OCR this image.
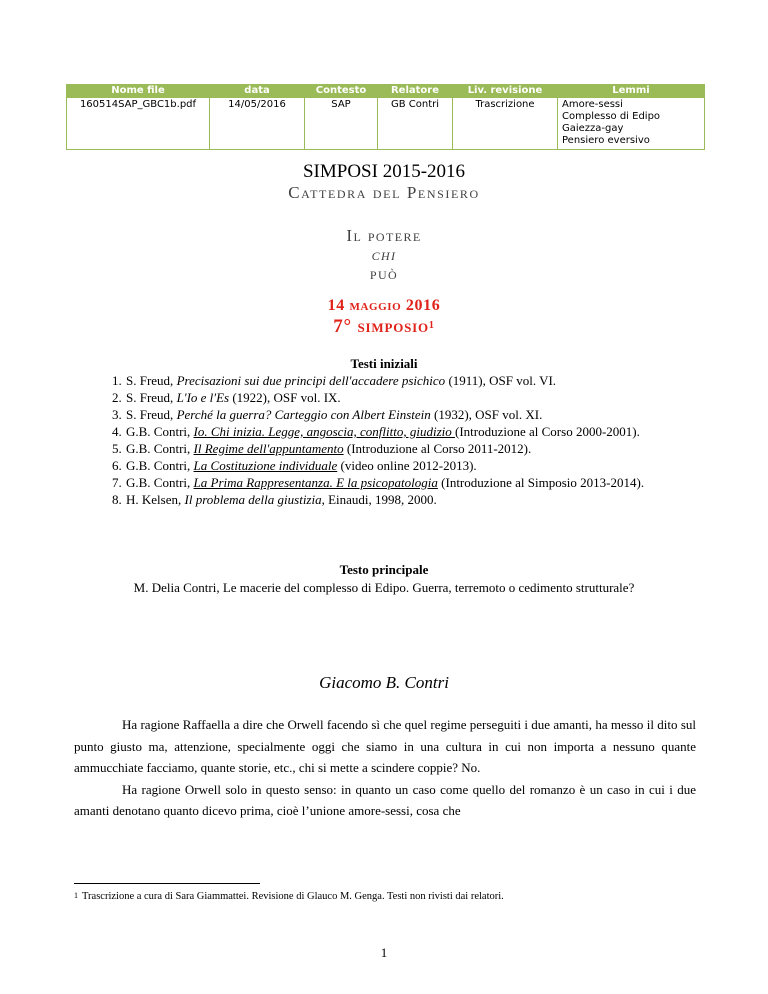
Nome file	data	Contesto	Relatore	Liv. revisione	Lemmi
160514SAP_GBC1b.pdf	14/05/2016	SAP	GB Contri	Trascrizione	Amore-sessi
Complesso di Edipo
Gaiezza-gay
Pensiero eversivo
SIMPOSI 2015-2016
Cattedra del Pensiero
Il potere
chi
può
14 maggio 2016
7° simposio$^1$
Testi iniziali
1. S. Freud, Precisazioni sui due principi dell'accadere psichico (1911), OSF vol. VI.
2. S. Freud, L'Io e l'Es (1922), OSF vol. IX.
3. S. Freud, Perché la guerra? Carteggio con Albert Einstein (1932), OSF vol. XI.
4. G.B. Contri, Io. Chi inizia. Legge, angoscia, conflitto, giudizio (Introduzione al Corso 2000-2001).
5. G.B. Contri, Il Regime dell'appuntamento (Introduzione al Corso 2011-2012).
6. G.B. Contri, La Costituzione individuale (video online 2012-2013).
7. G.B. Contri, La Prima Rappresentanza. E la psicopatologia (Introduzione al Simposio 2013-2014).
8. H. Kelsen, Il problema della giustizia, Einaudi, 1998, 2000.
Testo principale
M. Delia Contri, Le macerie del complesso di Edipo. Guerra, terremoto o cedimento strutturale?
Giacomo B. Contri

Ha ragione Raffaella a dire che Orwell facendo sì che quel regime perseguiti i due amanti, ha messo il dito sul punto giusto ma, attenzione, specialmente oggi che siamo in una cultura in cui non importa a nessuno quante ammucchiate facciamo, quante storie, etc., chi si mette a scindere coppie? No.

Ha ragione Orwell solo in questo senso: in quanto un caso come quello del romanzo è un caso in cui i due amanti denotano quanto dicevo prima, cioè l’unione amore-sessi, cosa che

$^1$ Trascrizione a cura di Sara Giammattei. Revisione di Glauco M. Genga. Testi non rivisti dai relatori.
1
